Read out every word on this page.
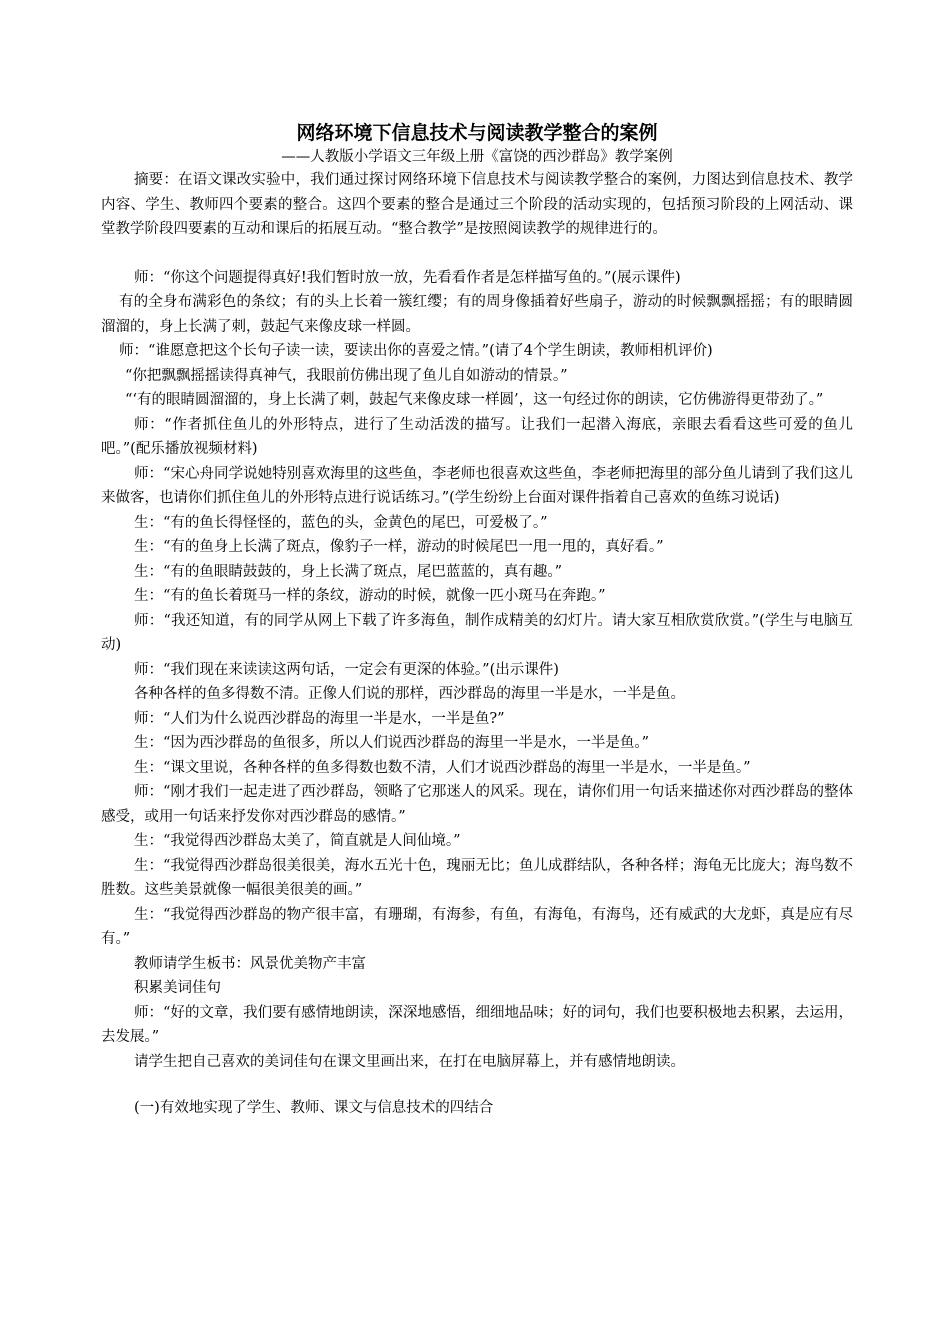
网络环境下信息技术与阅读教学整合的案例

——人教版小学语文三年级上册《富饶的西沙群岛》教学案例

摘要：在语文课改实验中，我们通过探讨网络环境下信息技术与阅读教学整合的案例，力图达到信息技术、教学内容、学生、教师四个要素的整合。这四个要素的整合是通过三个阶段的活动实现的，包括预习阶段的上网活动、课堂教学阶段四要素的互动和课后的拓展互动。“整合教学”是按照阅读教学的规律进行的。

师：“你这个问题提得真好!我们暂时放一放，先看看作者是怎样描写鱼的。”(展示课件)

有的全身布满彩色的条纹；有的头上长着一簇红缨；有的周身像插着好些扇子，游动的时候飘飘摇摇；有的眼睛圆溜溜的，身上长满了刺，鼓起气来像皮球一样圆。

师：“谁愿意把这个长句子读一读，要读出你的喜爱之情。”(请了4个学生朗读，教师相机评价)

“你把飘飘摇摇读得真神气，我眼前仿佛出现了鱼儿自如游动的情景。”

“‘有的眼睛圆溜溜的，身上长满了刺，鼓起气来像皮球一样圆’，这一句经过你的朗读，它仿佛游得更带劲了。”

师：“作者抓住鱼儿的外形特点，进行了生动活泼的描写。让我们一起潜入海底，亲眼去看看这些可爱的鱼儿吧。”(配乐播放视频材料)

师：“宋心舟同学说她特别喜欢海里的这些鱼，李老师也很喜欢这些鱼，李老师把海里的部分鱼儿请到了我们这儿来做客，也请你们抓住鱼儿的外形特点进行说话练习。”(学生纷纷上台面对课件指着自己喜欢的鱼练习说话)

生：“有的鱼长得怪怪的，蓝色的头，金黄色的尾巴，可爱极了。”

生：“有的鱼身上长满了斑点，像豹子一样，游动的时候尾巴一甩一甩的，真好看。”

生：“有的鱼眼睛鼓鼓的，身上长满了斑点，尾巴蓝蓝的，真有趣。”

生：“有的鱼长着斑马一样的条纹，游动的时候，就像一匹小斑马在奔跑。”

师：“我还知道，有的同学从网上下载了许多海鱼，制作成精美的幻灯片。请大家互相欣赏欣赏。”(学生与电脑互动)

师：“我们现在来读读这两句话，一定会有更深的体验。”(出示课件)

各种各样的鱼多得数不清。正像人们说的那样，西沙群岛的海里一半是水，一半是鱼。

师：“人们为什么说西沙群岛的海里一半是水，一半是鱼?”

生：“因为西沙群岛的鱼很多，所以人们说西沙群岛的海里一半是水，一半是鱼。”

生：“课文里说，各种各样的鱼多得数也数不清，人们才说西沙群岛的海里一半是水，一半是鱼。”

师：“刚才我们一起走进了西沙群岛，领略了它那迷人的风采。现在，请你们用一句话来描述你对西沙群岛的整体感受，或用一句话来抒发你对西沙群岛的感情。”

生：“我觉得西沙群岛太美了，简直就是人间仙境。”

生：“我觉得西沙群岛很美很美，海水五光十色，瑰丽无比；鱼儿成群结队，各种各样；海龟无比庞大；海鸟数不胜数。这些美景就像一幅很美很美的画。”

生：“我觉得西沙群岛的物产很丰富，有珊瑚，有海参，有鱼，有海龟，有海鸟，还有威武的大龙虾，真是应有尽有。”

教师请学生板书：风景优美物产丰富

积累美词佳句

师：“好的文章，我们要有感情地朗读，深深地感悟，细细地品味；好的词句，我们也要积极地去积累，去运用，去发展。”

请学生把自己喜欢的美词佳句在课文里画出来，在打在电脑屏幕上，并有感情地朗读。

(一)有效地实现了学生、教师、课文与信息技术的四结合
